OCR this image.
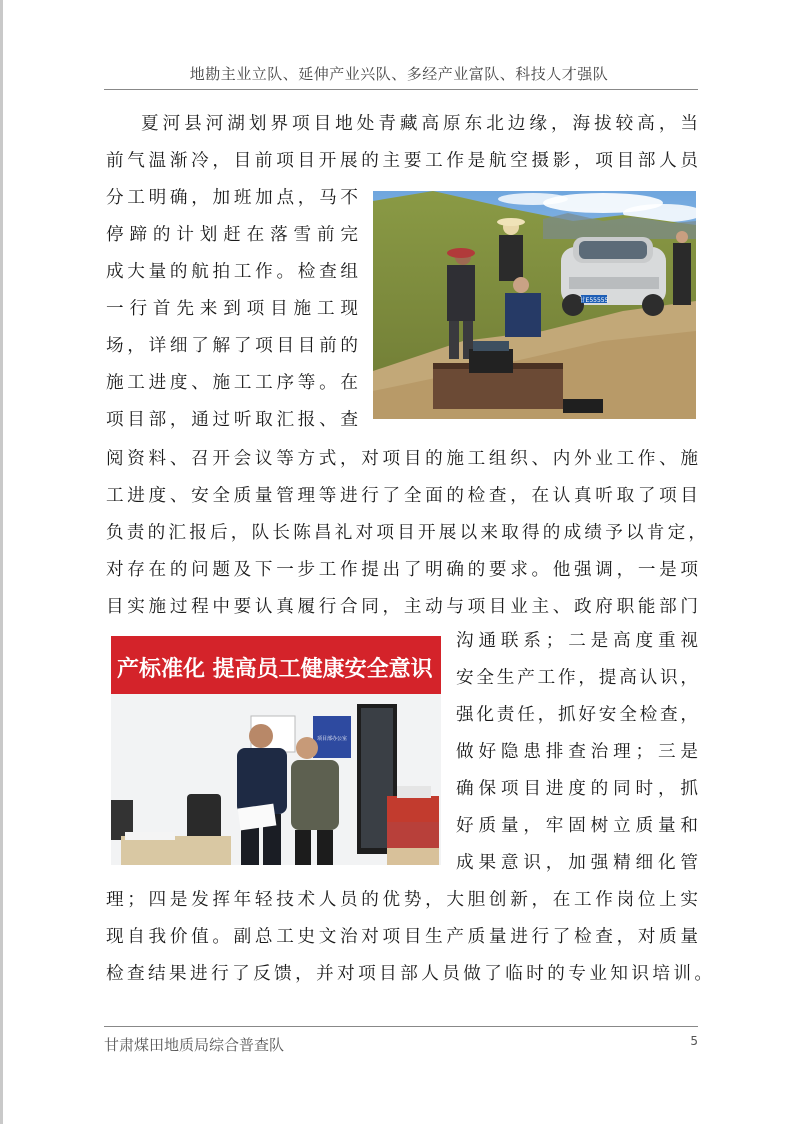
地勘主业立队、延伸产业兴队、多经产业富队、科技人才强队
夏河县河湖划界项目地处青藏高原东北边缘，海拔较高，当
前气温渐冷，目前项目开展的主要工作是航空摄影，项目部人员
分工明确，加班加点，马不
停蹄的计划赶在落雪前完
成大量的航拍工作。检查组
一行首先来到项目施工现
场，详细了解了项目目前的
施工进度、施工工序等。在
项目部，通过听取汇报、查
阅资料、召开会议等方式，对项目的施工组织、内外业工作、施
工进度、安全质量管理等进行了全面的检查，在认真听取了项目
负责的汇报后，队长陈昌礼对项目开展以来取得的成绩予以肯定，
对存在的问题及下一步工作提出了明确的要求。他强调，一是项
目实施过程中要认真履行合同，主动与项目业主、政府职能部门
沟通联系；二是高度重视
安全生产工作，提高认识，
强化责任，抓好安全检查，
做好隐患排查治理；三是
确保项目进度的同时，抓
好质量，牢固树立质量和
成果意识，加强精细化管
理；四是发挥年轻技术人员的优势，大胆创新，在工作岗位上实
现自我价值。副总工史文治对项目生产质量进行了检查，对质量
检查结果进行了反馈，并对项目部人员做了临时的专业知识培训。
甘E55555
产标准化 提高员工健康安全意识
项目部办公室
甘肃煤田地质局综合普查队	5
